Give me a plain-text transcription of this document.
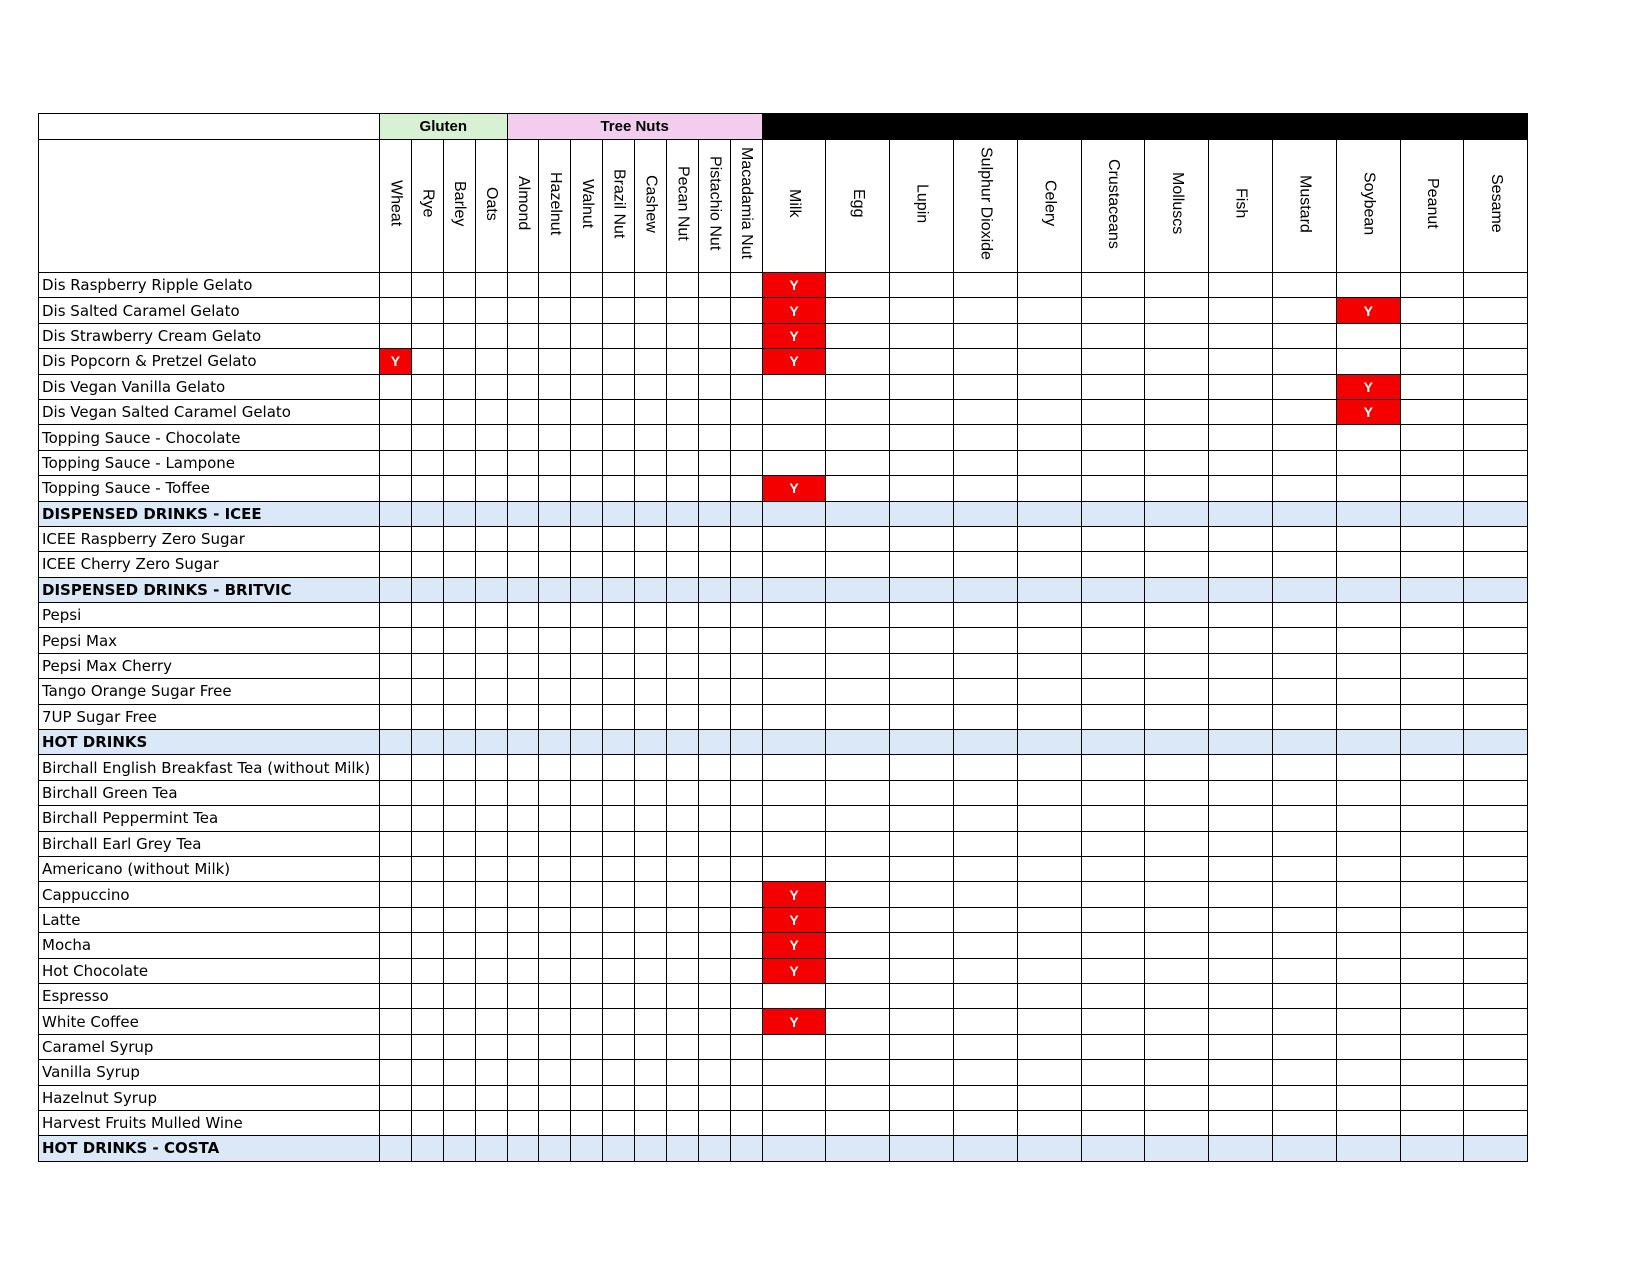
	Gluten				Tree Nuts																			
	Wheat	Rye	Barley	Oats	Almond	Hazelnut	Walnut	Brazil Nut	Cashew	Pecan Nut	Pistachio Nut	Macadamia Nut	Milk	Egg	Lupin	Sulphur Dioxide	Celery	Crustaceans	Molluscs	Fish	Mustard	Soybean	Peanut	Sesame
Dis Raspberry Ripple Gelato													Y											
Dis Salted Caramel Gelato													Y									Y		
Dis Strawberry Cream Gelato													Y											
Dis Popcorn & Pretzel Gelato	Y												Y											
Dis Vegan Vanilla Gelato																						Y		
Dis Vegan Salted Caramel Gelato																						Y		
Topping Sauce - Chocolate																								
Topping Sauce - Lampone																								
Topping Sauce - Toffee													Y											
DISPENSED DRINKS - ICEE																								
ICEE Raspberry Zero Sugar																								
ICEE Cherry Zero Sugar																								
DISPENSED DRINKS - BRITVIC																								
Pepsi																								
Pepsi Max																								
Pepsi Max Cherry																								
Tango Orange Sugar Free																								
7UP Sugar Free																								
HOT DRINKS																								
Birchall English Breakfast Tea (without Milk)																								
Birchall Green Tea																								
Birchall Peppermint Tea																								
Birchall Earl Grey Tea																								
Americano (without Milk)																								
Cappuccino													Y											
Latte													Y											
Mocha													Y											
Hot Chocolate													Y											
Espresso																								
White Coffee													Y											
Caramel Syrup																								
Vanilla Syrup																								
Hazelnut Syrup																								
Harvest Fruits Mulled Wine																								
HOT DRINKS - COSTA																								
